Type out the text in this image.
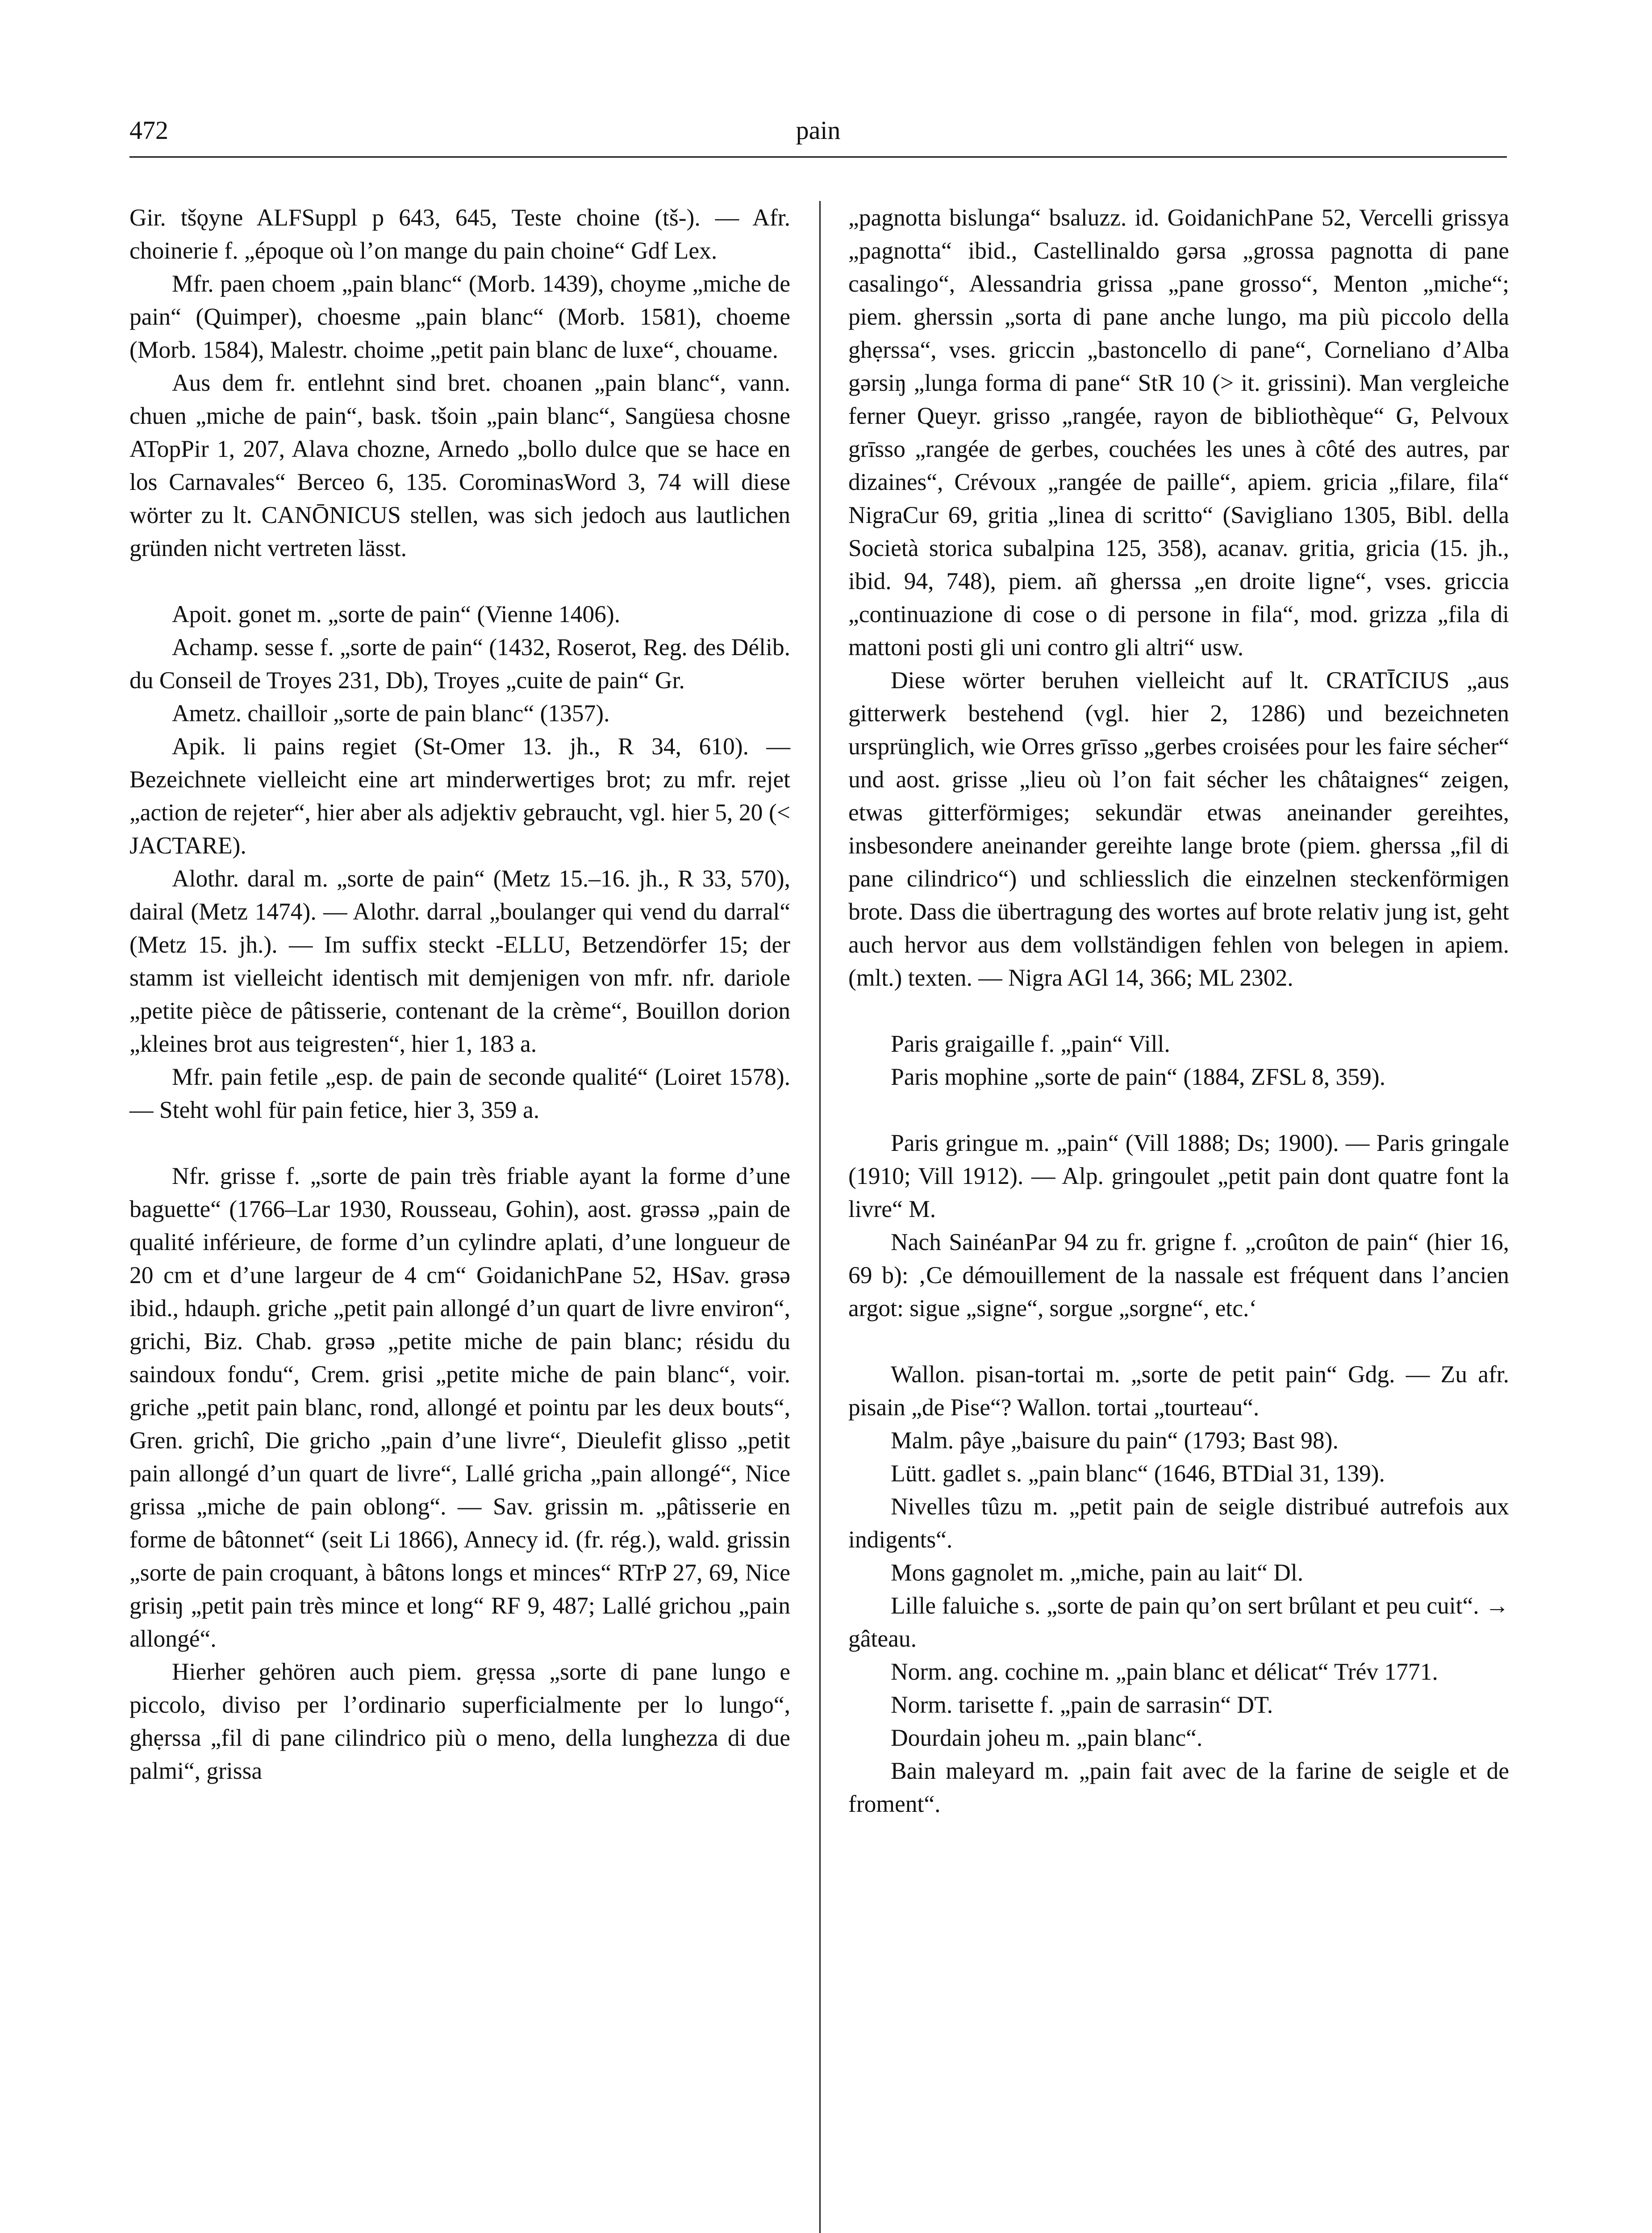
472	pain

Gir. tšǫyne ALFSuppl p 643, 645, Teste choine (tš-). — Afr. choinerie f. „époque où l’on mange du pain choine“ Gdf Lex.

Mfr. paen choem „pain blanc“ (Morb. 1439), choyme „miche de pain“ (Quimper), choesme „pain blanc“ (Morb. 1581), choeme (Morb. 1584), Malestr. choime „petit pain blanc de luxe“, chouame.

Aus dem fr. entlehnt sind bret. choanen „pain blanc“, vann. chuen „miche de pain“, bask. tšoin „pain blanc“, Sangüesa chosne ATopPir 1, 207, Alava chozne, Arnedo „bollo dulce que se hace en los Carnavales“ Berceo 6, 135. CorominasWord 3, 74 will diese wörter zu lt. CANŌNICUS stellen, was sich jedoch aus lautlichen gründen nicht vertreten lässt.

Apoit. gonet m. „sorte de pain“ (Vienne 1406).

Achamp. sesse f. „sorte de pain“ (1432, Roserot, Reg. des Délib. du Conseil de Troyes 231, Db), Troyes „cuite de pain“ Gr.

Ametz. chailloir „sorte de pain blanc“ (1357).

Apik. li pains regiet (St-Omer 13. jh., R 34, 610). — Bezeichnete vielleicht eine art minderwertiges brot; zu mfr. rejet „action de rejeter“, hier aber als adjektiv gebraucht, vgl. hier 5, 20 (< JACTARE).

Alothr. daral m. „sorte de pain“ (Metz 15.–16. jh., R 33, 570), dairal (Metz 1474). — Alothr. darral „boulanger qui vend du darral“ (Metz 15. jh.). — Im suffix steckt -ELLU, Betzendörfer 15; der stamm ist vielleicht identisch mit demjenigen von mfr. nfr. dariole „petite pièce de pâtisserie, contenant de la crème“, Bouillon dorion „kleines brot aus teigresten“, hier 1, 183 a.

Mfr. pain fetile „esp. de pain de seconde qualité“ (Loiret 1578). — Steht wohl für pain fetice, hier 3, 359 a.

Nfr. grisse f. „sorte de pain très friable ayant la forme d’une baguette“ (1766–Lar 1930, Rousseau, Gohin), aost. grəssə „pain de qualité inférieure, de forme d’un cylindre aplati, d’une longueur de 20 cm et d’une largeur de 4 cm“ GoidanichPane 52, HSav. grəsə ibid., hdauph. griche „petit pain allongé d’un quart de livre environ“, grichi, Biz. Chab. grəsə „petite miche de pain blanc; résidu du saindoux fondu“, Crem. grisi „petite miche de pain blanc“, voir. griche „petit pain blanc, rond, allongé et pointu par les deux bouts“, Gren. grichî, Die gricho „pain d’une livre“, Dieulefit glisso „petit pain allongé d’un quart de livre“, Lallé gricha „pain allongé“, Nice grissa „miche de pain oblong“. — Sav. grissin m. „pâtisserie en forme de bâtonnet“ (seit Li 1866), Annecy id. (fr. rég.), wald. grissin „sorte de pain croquant, à bâtons longs et minces“ RTrP 27, 69, Nice grisiŋ „petit pain très mince et long“ RF 9, 487; Lallé grichou „pain allongé“.

Hierher gehören auch piem. grẹssa „sorte di pane lungo e piccolo, diviso per l’ordinario superficialmente per lo lungo“, ghẹrssa „fil di pane cilindrico più o meno, della lunghezza di due palmi“, grissa

„pagnotta bislunga“ bsaluzz. id. GoidanichPane 52, Vercelli grissya „pagnotta“ ibid., Castellinaldo gərsa „grossa pagnotta di pane casalingo“, Alessandria grissa „pane grosso“, Menton „miche“; piem. gherssin „sorta di pane anche lungo, ma più piccolo della ghẹrssa“, vses. griccin „bastoncello di pane“, Corneliano d’Alba gərsiŋ „lunga forma di pane“ StR 10 (> it. grissini). Man vergleiche ferner Queyr. grisso „rangée, rayon de bibliothèque“ G, Pelvoux grīsso „rangée de gerbes, couchées les unes à côté des autres, par dizaines“, Crévoux „rangée de paille“, apiem. gricia „filare, fila“ NigraCur 69, gritia „linea di scritto“ (Savigliano 1305, Bibl. della Società storica subalpina 125, 358), acanav. gritia, gricia (15. jh., ibid. 94, 748), piem. añ gherssa „en droite ligne“, vses. griccia „continuazione di cose o di persone in fila“, mod. grizza „fila di mattoni posti gli uni contro gli altri“ usw.

Diese wörter beruhen vielleicht auf lt. CRATĪCIUS „aus gitterwerk bestehend (vgl. hier 2, 1286) und bezeichneten ursprünglich, wie Orres grīsso „gerbes croisées pour les faire sécher“ und aost. grisse „lieu où l’on fait sécher les châtaignes“ zeigen, etwas gitterförmiges; sekundär etwas aneinander gereihtes, insbesondere aneinander gereihte lange brote (piem. gherssa „fil di pane cilindrico“) und schliesslich die einzelnen steckenförmigen brote. Dass die übertragung des wortes auf brote relativ jung ist, geht auch hervor aus dem vollständigen fehlen von belegen in apiem. (mlt.) texten. — Nigra AGl 14, 366; ML 2302.

Paris graigaille f. „pain“ Vill.

Paris mophine „sorte de pain“ (1884, ZFSL 8, 359).

Paris gringue m. „pain“ (Vill 1888; Ds; 1900). — Paris gringale (1910; Vill 1912). — Alp. gringoulet „petit pain dont quatre font la livre“ M.

Nach SainéanPar 94 zu fr. grigne f. „croûton de pain“ (hier 16, 69 b): ‚Ce démouillement de la nassale est fréquent dans l’ancien argot: sigue „signe“, sorgue „sorgne“, etc.‘

Wallon. pisan-tortai m. „sorte de petit pain“ Gdg. — Zu afr. pisain „de Pise“? Wallon. tortai „tourteau“.

Malm. pâye „baisure du pain“ (1793; Bast 98).

Lütt. gadlet s. „pain blanc“ (1646, BTDial 31, 139).

Nivelles tûzu m. „petit pain de seigle distribué autrefois aux indigents“.

Mons gagnolet m. „miche, pain au lait“ Dl.

Lille faluiche s. „sorte de pain qu’on sert brûlant et peu cuit“. → gâteau.

Norm. ang. cochine m. „pain blanc et délicat“ Trév 1771.

Norm. tarisette f. „pain de sarrasin“ DT.

Dourdain joheu m. „pain blanc“.

Bain maleyard m. „pain fait avec de la farine de seigle et de froment“.
